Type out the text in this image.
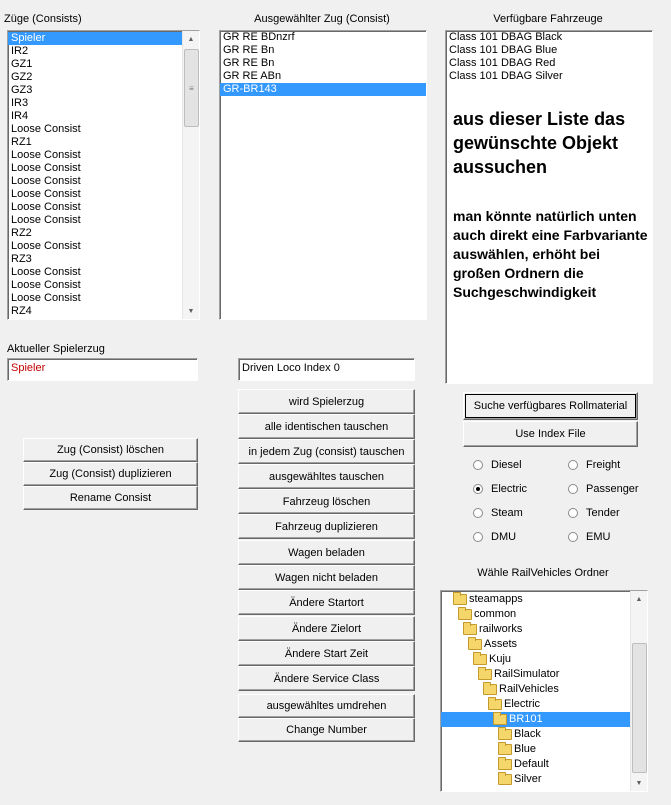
Züge (Consists)	Ausgewählter Zug (Consist)	Verfügbare Fahrzeuge
Spieler
IR2
GZ1
GZ2
GZ3
IR3
IR4
Loose Consist
RZ1
Loose Consist
Loose Consist
Loose Consist
Loose Consist
Loose Consist
Loose Consist
RZ2
Loose Consist
RZ3
Loose Consist
Loose Consist
Loose Consist
RZ4
▲
≡
▼
GR RE BDnzrf
GR RE Bn
GR RE Bn
GR RE ABn
GR-BR143
Class 101 DBAG Black
Class 101 DBAG Blue
Class 101 DBAG Red
Class 101 DBAG Silver
aus dieser Liste das gewünschte Objekt aussuchen
man könnte natürlich unten auch direkt eine Farbvariante auswählen, erhöht bei großen Ordnern die Suchgeschwindigkeit
Aktueller Spielerzug
Spieler	Driven Loco Index 0
Zug (Consist) löschen
Zug (Consist) duplizieren
Rename Consist
wird Spielerzug
alle identischen tauschen
in jedem Zug (consist) tauschen
ausgewähltes tauschen
Fahrzeug löschen
Fahrzeug duplizieren
Wagen beladen
Wagen nicht beladen
Ändere Startort
Ändere Zielort
Ändere Start Zeit
Ändere Service Class
ausgewähltes umdrehen
Change Number
Suche verfügbares Rollmaterial
Use Index File
Diesel
Electric
Steam
DMU
Freight
Passenger
Tender
EMU
Wähle RailVehicles Ordner
steamapps
common
railworks
Assets
Kuju
RailSimulator
RailVehicles
Electric
BR101
Black
Blue
Default
Silver
▲
▼
